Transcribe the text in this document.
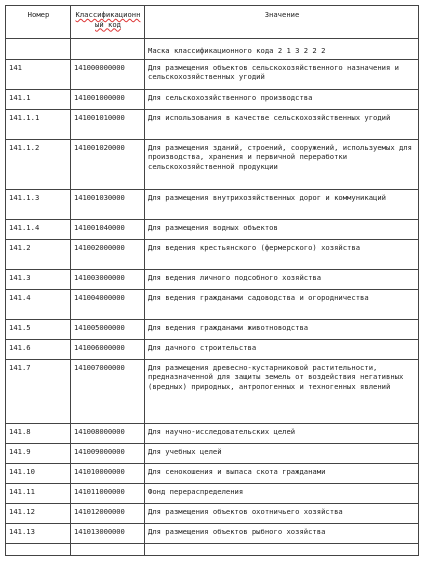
Номер	Классификационный код	Значение
		Маска классификационного кода 2 1 3 2 2 2
141	141000000000	Для размещения объектов сельскохозяйственного назначения и сельскохозяйственных угодий
141.1	141001000000	Для сельскохозяйственного производства
141.1.1	141001010000	Для использования в качестве сельскохозяйственных угодий
141.1.2	141001020000	Для размещения зданий, строений, сооружений, используемых для производства, хранения и первичной переработки сельскохозяйственной продукции
141.1.3	141001030000	Для размещения внутрихозяйственных дорог и коммуникаций
141.1.4	141001040000	Для размещения водных объектов
141.2	141002000000	Для ведения крестьянского (фермерского) хозяйства
141.3	141003000000	Для ведения личного подсобного хозяйства
141.4	141004000000	Для ведения гражданами садоводства и огородничества
141.5	141005000000	Для ведения гражданами животноводства
141.6	141006000000	Для дачного строительства
141.7	141007000000	Для размещения древесно-кустарниковой растительности, предназначенной для защиты земель от воздействия негативных (вредных) природных, антропогенных и техногенных явлений
141.8	141008000000	Для научно-исследовательских целей
141.9	141009000000	Для учебных целей
141.10	141010000000	Для сенокошения и выпаса скота гражданами
141.11	141011000000	Фонд перераспределения
141.12	141012000000	Для размещения объектов охотничьего хозяйства
141.13	141013000000	Для размещения объектов рыбного хозяйства
